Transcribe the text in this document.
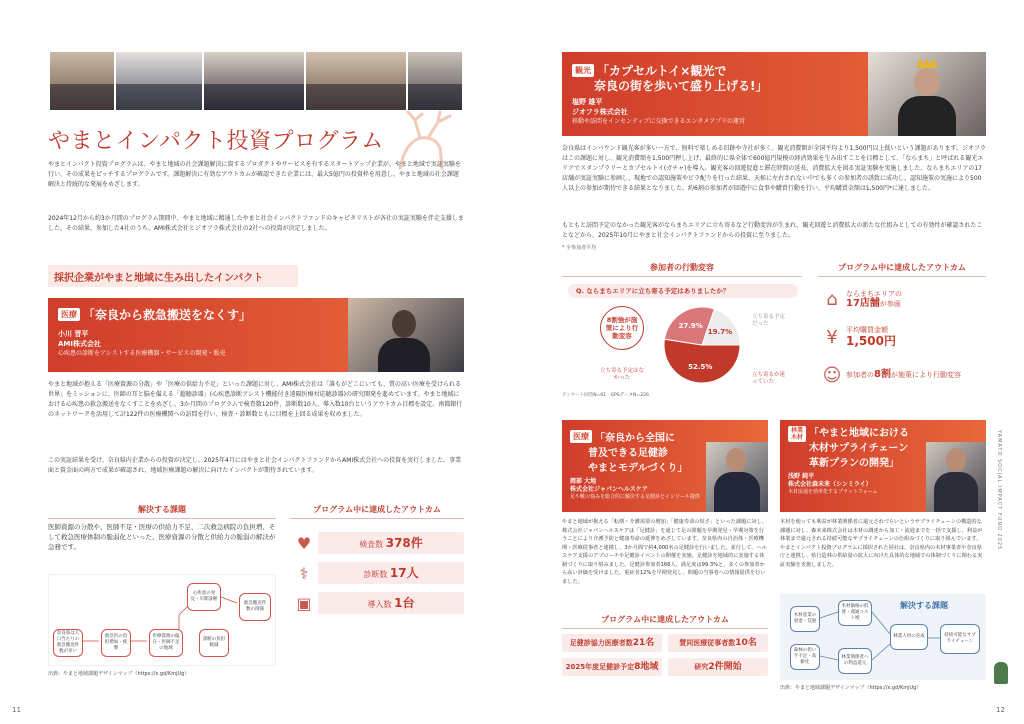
やまとインパクト投資プログラム

やまとインパクト投資プログラムは、やまと地域の社会課題解決に資するプロダクトやサービスを有するスタートアップ企業が、やまと地域で実証実験を行い、その成果をピッチするプログラムです。課題解決に有効なアウトカムが確認できた企業には、最大5億円の投資枠を用意し、やまと地域の社会課題解決と持続的な発展をめざします。

2024年12月から約3か月間のプログラム期間中、やまと地域に精通したやまと社会インパクトファンドのキャピタリストが各社の実証実験を伴走支援しました。その結果、参加した4社のうち、AMI株式会社とジオフラ株式会社の2社への投資が決定しました。

採択企業がやまと地域に生み出したインパクト
医療 「奈良から救急搬送をなくす」
小川 晋平
AMI株式会社
心疾患の診断をアシストする医療機器・サービスの開発・販売

やまと地域が抱える「医療資源の分散」や「医療の供給力不足」といった課題に対し、AMI株式会社は「誰もがどこにいても、質の高い医療を受けられる世界」をミッションに、医師の耳と脳を備える「超聴診器」(心疾患診断アシスト機能付き遠隔医療対応聴診器)の研究開発を進めています。やまと地域における心疾患の救急搬送をなくすことをめざし、3か月間のプログラムで検査数120件、診断数10人、導入数10台というアウトカム目標を設定。南都銀行のネットワークを活用して計122件の医療機関への訪問を行い、検査・診断数ともに目標を上回る成果を収めました。

この実証結果を受け、奈良県内企業からの投資が決定し、2025年4月にはやまと社会インパクトファンドからAMI株式会社への投資を実行しました。事業面と資金面の両方で成果が確認され、地域医療課題の解決に向けたインパクトが期待されています。

解決する課題

医師資源の分散や、医師不足・医療の供給力不足、二次救急病院の負担増、そして救急医療体制の脆弱化といった、医療資源の分散と供給力の脆弱の解決が急務です。

プログラム中に達成したアウトカム
♥	検査数 378件
⚕	診断数 17人
▣	導入数 1台
奈良県は人口当たりの救急搬送件数が多い
救急医の負担増加・疲弊
医療資源の偏在・医師不足の地域
心疾患の発見・早期診断
診断の負担軽減
救急搬送件数の削減
出典：やまと地域課題デザインマップ（https://x.gd/KmjUg）
11
観光 「カプセルトイ×観光で
奈良の街を歩いて盛り上げる!」
塩野 雄平
ジオフラ株式会社
移動や訪問をインセンティブに交換できるエンタメアプリの運営

奈良県はインバウンド観光客が多い一方で、無料で楽しめる旧跡や寺社が多く、観光消費額が全国平均より1,500円以上低いという課題があります。ジオフラはこの課題に対し、観光消費額を1,500円押し上げ、最終的に県全体で600億円規模の経済効果を生み出すことを目標として、「ならまち」と呼ばれる観光エリアでスタンプラリーとカプセルトイ(ガチャ)を導入。観光客の回遊促進と滞在時間の延長、消費拡大を図る実証実験を実施しました。ならまちエリアの17店舗が実証実験に参画し、現地での認知施策やビラ配りを行った結果、天候に左右されない中でも多くの参加者の誘致に成功し、認知施策の実施により500人以上の参加が期待できる結果となりました。約6割の参加者が回遊中に食事や購買行動を行い、平均購買金額は1,500円*に達しました。

もともと訪問予定のなかった観光客がならまちエリアに立ち寄るなど行動変容が生まれ、観光回遊と消費拡大の新たな仕組みとしての有効性が確認されたことなどから、2025年10月にやまと社会インパクトファンドからの投資に至りました。

* 全参加者平均
参加者の行動変容
Q. ならまちエリアに立ち寄る予定はありましたか？
8割強が施策により行動変容
52.5%
27.9%
19.7%
立ち寄る予定はなかった	立ち寄るか迷っていた
立ち寄る予定だった
アンケート回答N=61　GPSデータN=226
プログラム中に達成したアウトカム
⌂	ならまちエリアの
17店舗が参画
¥	平均購買金額
1,500円
☺ 参加者の8割が施策により行動変容
医療 「奈良から全国に
普及できる足健診
やまとモデルづくり」
岡部 大地
株式会社ジャパンヘルスケア
足や靴の悩みを総合的に解決する足健診とインソール提供
林業
木材 「やまと地域における
木材サプライチェーン
革新プランの開発」
浅野 純平
株式会社森未来（シンミライ）
木材流通を効率化するプラットフォーム

やまと地域が抱える「転倒・介護需要の増加」「健康寿命の短さ」といった課題に対し、株式会社ジャパンヘルスケアは「足健診」を通じて足の問題を早期発見・早期対策を行うことにより介護予防と健康寿命の延伸をめざしています。奈良県内の自治体・医療機関・医療従事者と連携し、3か月間で約4,000名の足健診を行いました。並行して、ヘルスケア支援のアプローチや足健診イベントの開催を実施。足健診を地域的に実施する体制づくりに取り組みました。足健診参加者168人、満足度は99.3%と、多くの参加者から高い評価を受けました。重症者12%を早期発見し、問題の当事者への情報提供を行いました。

プログラム中に達成したアウトカム
足健診協力医療者数21名	賛同医療従事者数10名
2025年度足健診予定8地域	研究2件開始

木材を使っても利益が林業関係者に還元されづらいというサプライチェーンの構造的な課題に対し、森未来株式会社は木材の調達から加工・流通までを一括で支援し、利益が林業まで還元される持続可能なサプライチェーンの仕組みづくりに取り組んでいます。やまとインパクト投資プログラムに採択された同社は、奈良県内の木材事業者や奈良県庁と連携し、県行造林の供給量の拡大に向けた具体的な地域での体制づくりに関わる実証実験を実施しました。

解決する課題
木材産業の衰退・荒廃
森林の担い手不足・高齢化
木材価格の低迷・流通コスト増
林業関係者への利益還元
林業人材の育成	持続可能なサプライチェーン
出典：やまと地域課題デザインマップ（https://x.gd/KmjUg）
YAMATO SOCIAL IMPACT FUND 2025
12
